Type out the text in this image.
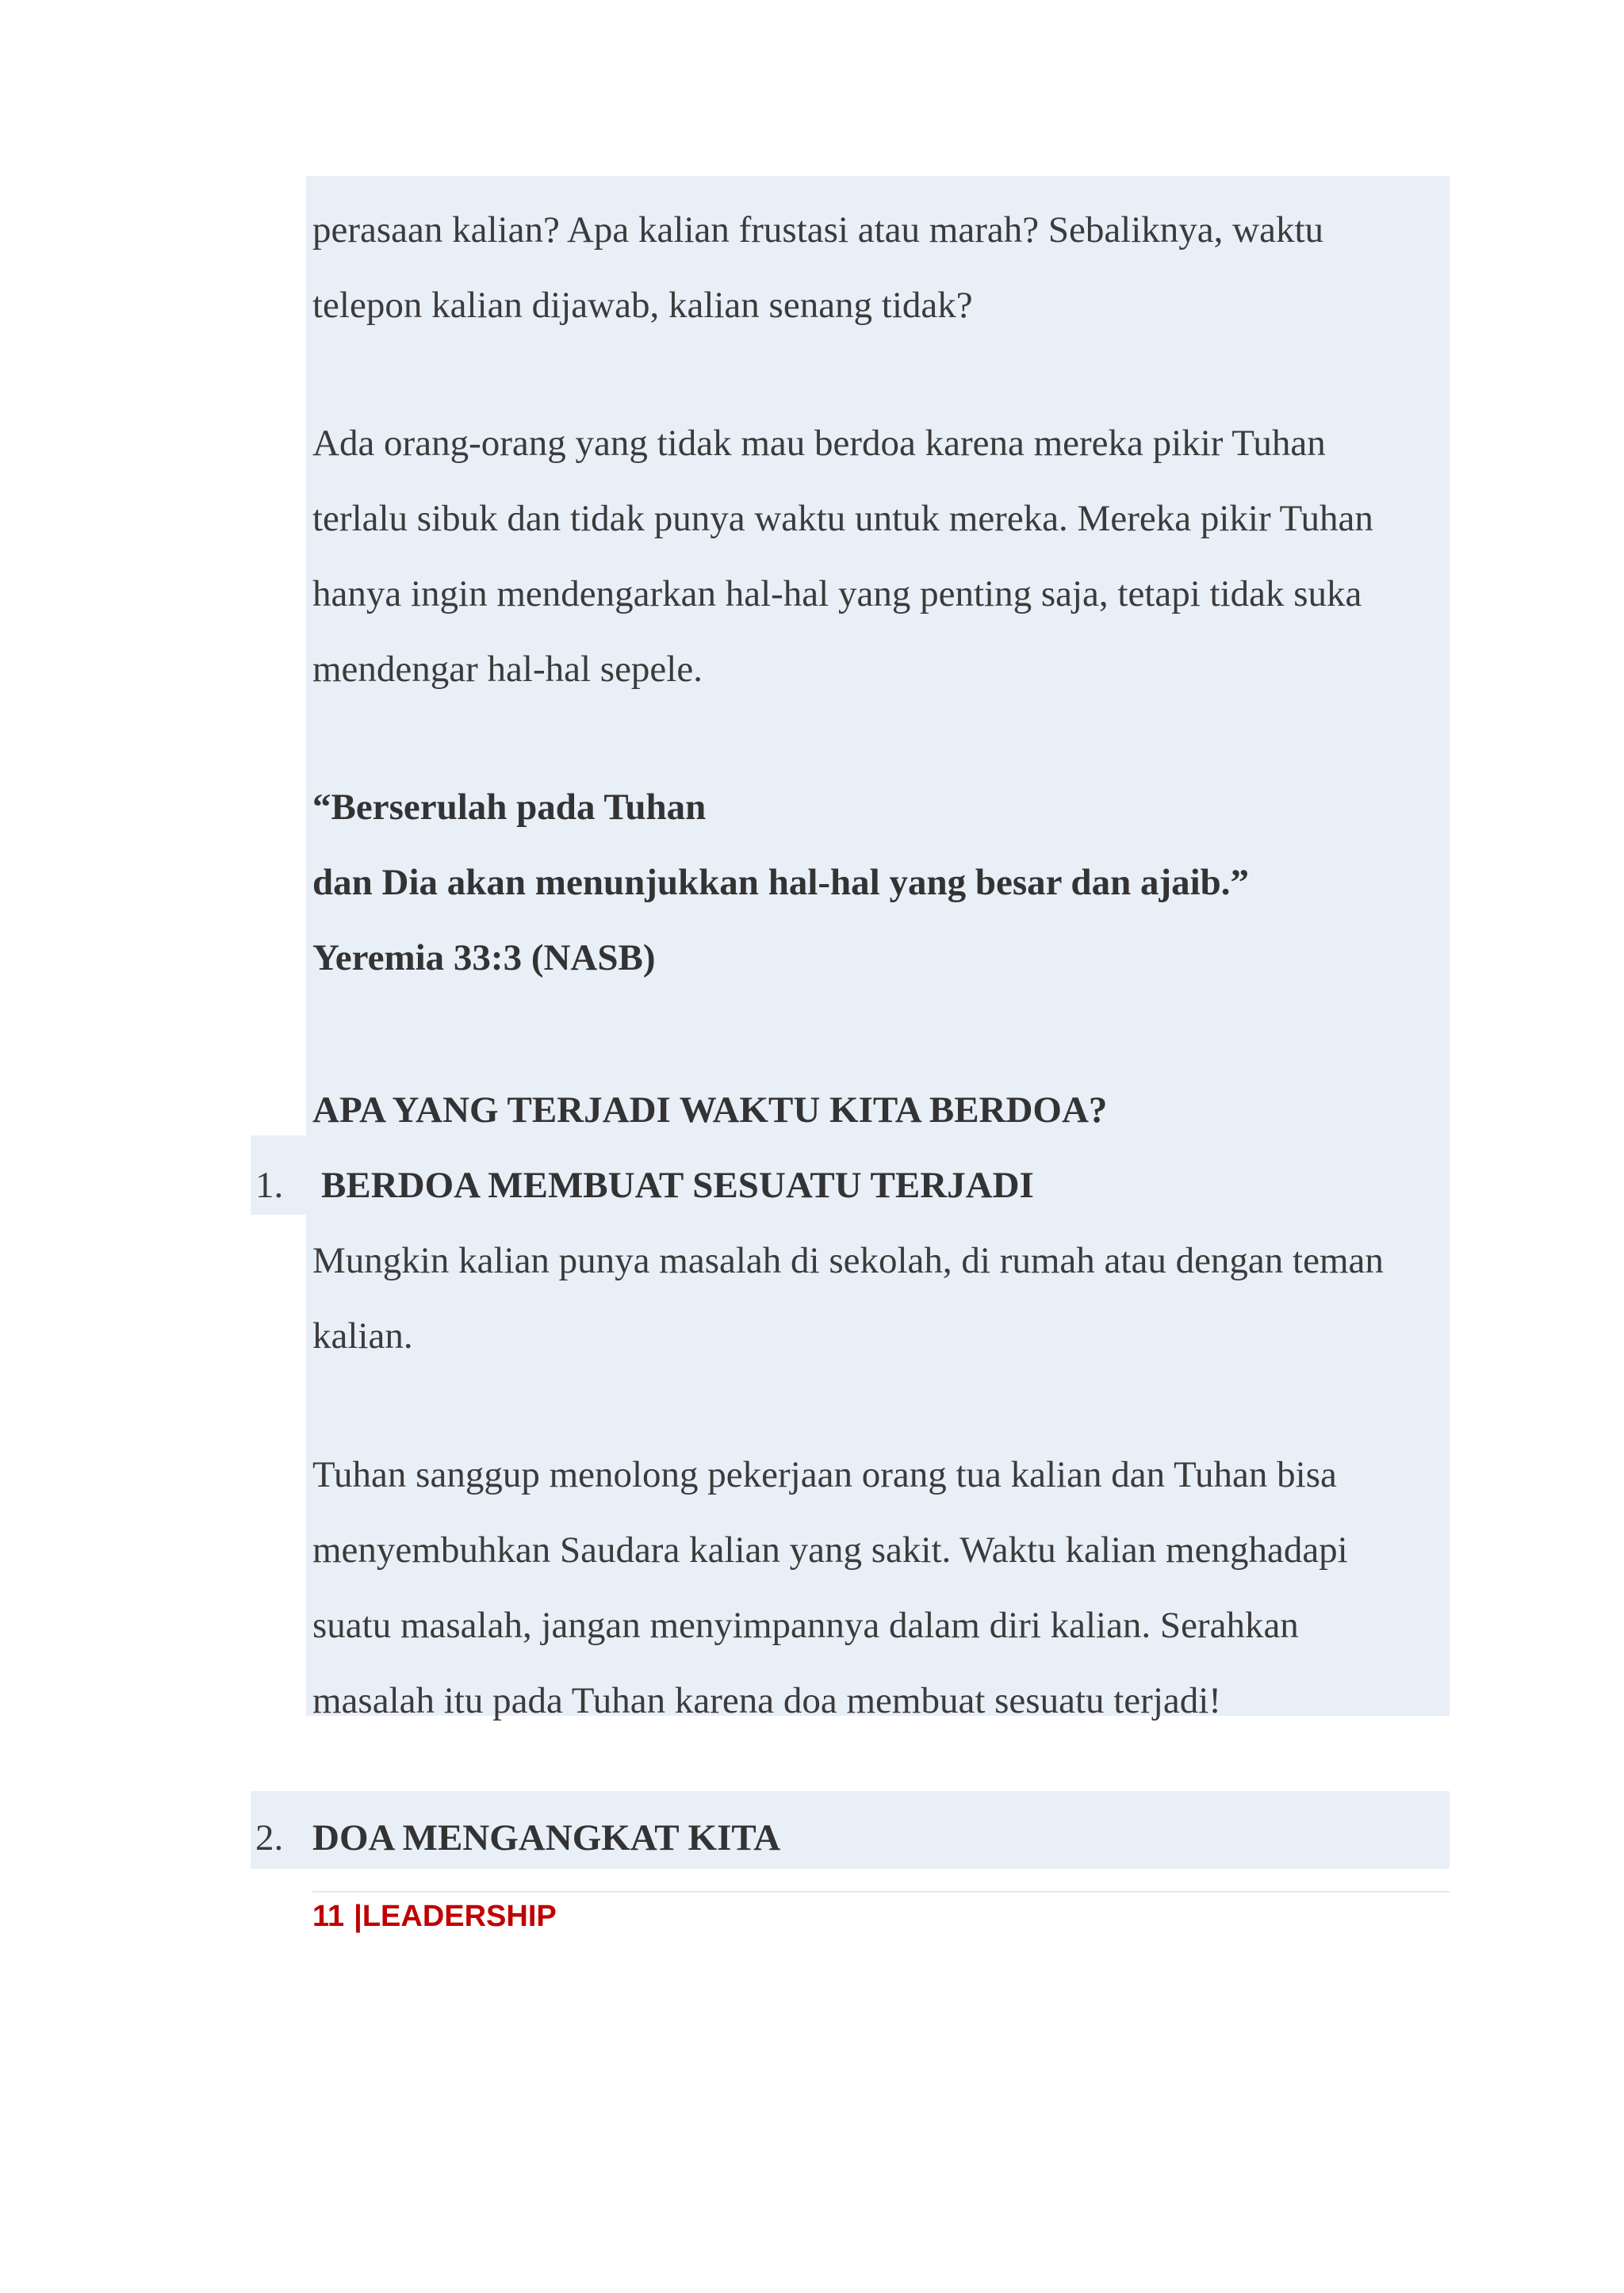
perasaan kalian? Apa kalian frustasi atau marah? Sebaliknya, waktu
telepon kalian dijawab, kalian senang tidak?
Ada orang-orang yang tidak mau berdoa karena mereka pikir Tuhan
terlalu sibuk dan tidak punya waktu untuk mereka. Mereka pikir Tuhan
hanya ingin mendengarkan hal-hal yang penting saja, tetapi tidak suka
mendengar hal-hal sepele.
“Berserulah pada Tuhan
dan Dia akan menunjukkan hal-hal yang besar dan ajaib.”
Yeremia 33:3 (NASB)
APA YANG TERJADI WAKTU KITA BERDOA?
1. BERDOA MEMBUAT SESUATU TERJADI
Mungkin kalian punya masalah di sekolah, di rumah atau dengan teman
kalian.
Tuhan sanggup menolong pekerjaan orang tua kalian dan Tuhan bisa
menyembuhkan Saudara kalian yang sakit. Waktu kalian menghadapi
suatu masalah, jangan menyimpannya dalam diri kalian. Serahkan
masalah itu pada Tuhan karena doa membuat sesuatu terjadi!
2. DOA MENGANGKAT KITA
11 |LEADERSHIP
